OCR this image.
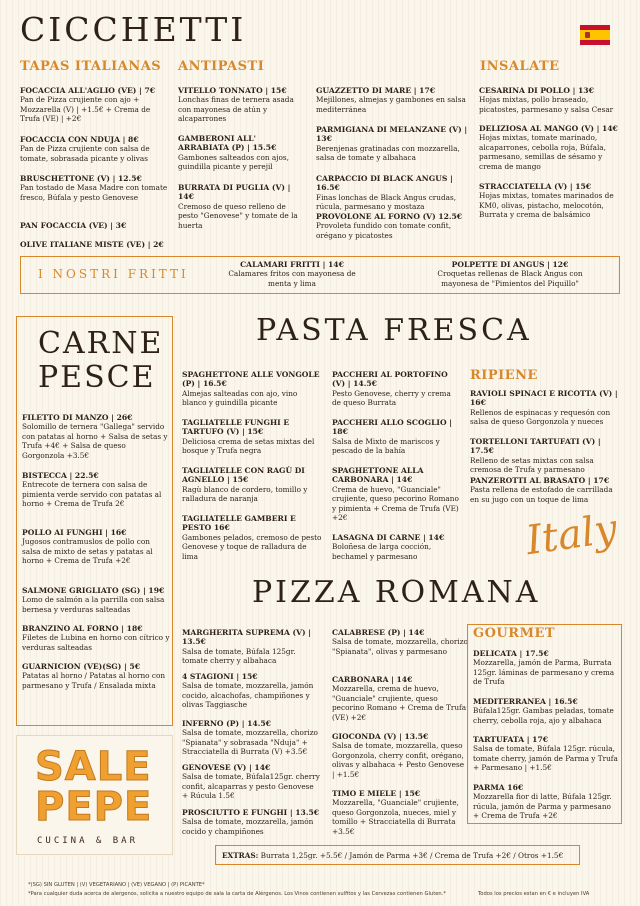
CICCHETTI
TAPAS ITALIANAS
FOCACCIA ALL'AGLIO (VE) | 7€
Pan de Pizza crujiente con ajo + Mozzarella (V) | +1.5€ + Crema de Trufa (VE) | +2€
FOCACCIA CON NDUJA | 8€
Pan de Pizza crujiente con salsa de tomate, sobrasada picante y olivas
BRUSCHETTONE (V) | 12.5€
Pan tostado de Masa Madre con tomate fresco, Búfala y pesto Genovese
PAN FOCACCIA (VE) | 3€
OLIVE ITALIANE MISTE (VE) | 2€
ANTIPASTI
VITELLO TONNATO | 15€
Lonchas finas de ternera asada con mayonesa de atún y alcaparrones
GAMBERONI ALL' ARRABIATA (P) | 15.5€
Gambones salteados con ajos, guindilla picante y perejil
BURRATA DI PUGLIA (V) | 14€
Cremoso de queso relleno de pesto "Genovese" y tomate de la huerta
GUAZZETTO DI MARE | 17€
Mejillones, almejas y gambones en salsa mediterránea
PARMIGIANA DI MELANZANE (V) | 13€
Berenjenas gratinadas con mozzarella, salsa de tomate y albahaca
CARPACCIO DI BLACK ANGUS | 16.5€
Finas lonchas de Black Angus crudas, rúcula, parmesano y mostaza
PROVOLONE AL FORNO (V) 12.5€
Provoleta fundido con tomate confit, orégano y picatostes
INSALATE
CESARINA DI POLLO | 13€
Hojas mixtas, pollo braseado, picatostes, parmesano y salsa Cesar
DELIZIOSA AL MANGO (V) | 14€
Hojas mixtas, tomate marinado, alcaparrones, cebolla roja, Búfala, parmesano, semillas de sésamo y crema de mango
STRACCIATELLA (V) | 15€
Hojas mixtas, tomates marinados de KM0, olivas, pistacho, melocotón, Burrata y crema de balsámico
I NOSTRI FRITTI
CALAMARI FRITTI | 14€
Calamares fritos con mayonesa de menta y lima
POLPETTE DI ANGUS | 12€
Croquetas rellenas de Black Angus con mayonesa de "Pimientos del Piquillo"
CARNE
PESCE
FILETTO DI MANZO | 26€
Solomillo de ternera "Gallega" servido con patatas al horno + Salsa de setas y Trufa +4€ + Salsa de queso Gorgonzola +3.5€
BISTECCA | 22.5€
Entrecote de ternera con salsa de pimienta verde servido con patatas al horno + Crema de Trufa 2€
POLLO AI FUNGHI | 16€
Jugosos contramuslos de pollo con salsa de mixto de setas y patatas al horno + Crema de Trufa +2€
SALMONE GRIGLIATO (SG) | 19€
Lomo de salmón a la parrilla con salsa bernesa y verduras salteadas
BRANZINO AL FORNO | 18€
Filetes de Lubina en horno con cítrico y verduras salteadas
GUARNICION (VE)(SG) | 5€
Patatas al horno / Patatas al horno con parmesano y Trufa / Ensalada mixta
PASTA FRESCA
SPAGHETTONE ALLE VONGOLE (P) | 16.5€
Almejas salteadas con ajo, vino blanco y guindilla picante
TAGLIATELLE FUNGHI E TARTUFO (V) | 15€
Deliciosa crema de setas mixtas del bosque y Trufa negra
TAGLIATELLE CON RAGÙ DI AGNELLO | 15€
Ragù blanco de cordero, tomillo y ralladura de naranja
TAGLIATELLE GAMBERI E PESTO 16€
Gambones pelados, cremoso de pesto Genovese y toque de ralladura de lima
PACCHERI AL PORTOFINO (V) | 14.5€
Pesto Genovese, cherry y crema de queso Burrata
PACCHERI ALLO SCOGLIO | 18€
Salsa de Mixto de mariscos y pescado de la bahía
SPAGHETTONE ALLA CARBONARA | 14€
Crema de huevo, "Guanciale" crujiente, queso pecorino Romano y pimienta + Crema de Trufa (VE) +2€
LASAGNA DI CARNE | 14€
Boloñesa de larga cocción, bechamel y parmesano
RIPIENE
RAVIOLI SPINACI E RICOTTA (V) | 16€
Rellenos de espinacas y requesón con salsa de queso Gorgonzola y nueces
TORTELLONI TARTUFATI (V) | 17.5€
Relleno de setas mixtas con salsa cremosa de Trufa y parmesano
PANZEROTTI AL BRASATO | 17€
Pasta rellena de estofado de carrillada en su jugo con un toque de lima
Italy
PIZZA ROMANA
MARGHERITA SUPREMA (V) | 13.5€
Salsa de tomate, Búfala 125gr. tomate cherry y albahaca
4 STAGIONI | 15€
Salsa de tomate, mozzarella, jamón cocido, alcachofas, champiñones y olivas Taggiasche
INFERNO (P) | 14.5€
Salsa de tomate, mozzarella, chorizo "Spianata" y sobrasada "Nduja" + Stracciatella di Burrata (V) +3.5€
GENOVESE (V) | 14€
Salsa de tomate, Búfala125gr. cherry confit, alcaparras y pesto Genovese + Rúcula 1.5€
PROSCIUTTO E FUNGHI | 13.5€
Salsa de tomate, mozzarella, jamón cocido y champiñones
CALABRESE (P) | 14€
Salsa de tomate, mozzarella, chorizo "Spianata", olivas y parmesano
CARBONARA | 14€
Mozzarella, crema de huevo, "Guanciale" crujiente, queso pecorino Romano + Crema de Trufa (VE) +2€
GIOCONDA (V) | 13.5€
Salsa de tomate, mozzarella, queso Gorgonzola, cherry confit, orégano, olivas y albahaca + Pesto Genovese | +1.5€
TIMO E MIELE | 15€
Mozzarella, "Guanciale" crujiente, queso Gorgonzola, nueces, miel y tomillo + Stracciatella di Burrata +3.5€
GOURMET
DELICATA | 17.5€
Mozzarella, jamón de Parma, Burrata 125gr. láminas de parmesano y crema de Trufa
MEDITERRANEA | 16.5€
Búfala125gr. Gambas peladas, tomate cherry, cebolla roja, ajo y albahaca
TARTUFATA | 17€
Salsa de tomate, Búfala 125gr. rúcula, tomate cherry, jamón de Parma y Trufa + Parmesano | +1.5€
PARMA 16€
Mozzarella fior di latte, Búfala 125gr. rúcula, jamón de Parma y parmesano + Crema de Trufa +2€
EXTRAS: Burrata 1,25gr. +5.5€ / Jamón de Parma +3€ / Crema de Trufa +2€ / Otros +1.5€
SALE
PEPE
CUCINA & BAR
*(SG) SIN GLUTEN | (V) VEGETARIANO | (VE) VEGANO | (P) PICANTE*
*Para cualquier duda acerca de alergenos, solicita a nuestro equipo de sala la carta de Alérgenos. Los Vinos contienen sulfitos y las Cervezas contienen Gluten.*	Todos los precios estan en € e incluyen IVA
